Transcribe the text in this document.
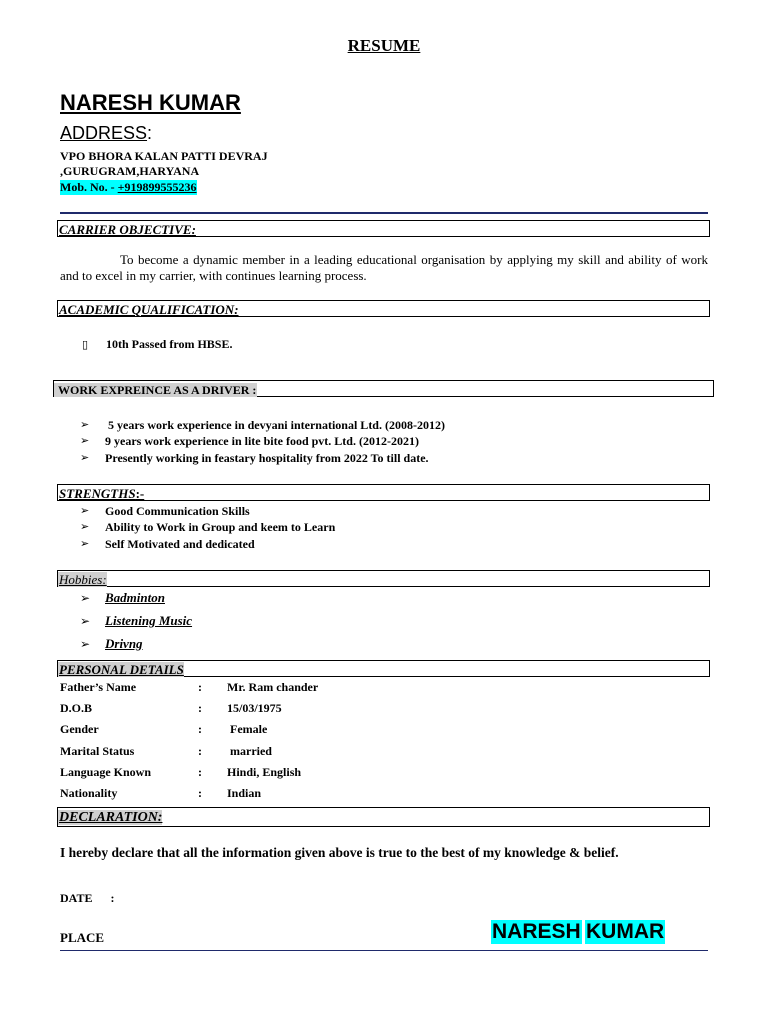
RESUME
NARESH KUMAR
ADDRESS:
VPO BHORA KALAN PATTI DEVRAJ
,GURUGRAM,HARYANA
Mob. No. - +919899555236
CARRIER OBJECTIVE:
To become a dynamic member in a leading educational organisation by applying my skill and ability of work and to excel in my carrier, with continues learning process.
ACADEMIC QUALIFICATION:
▯ 10th Passed from HBSE.
WORK EXPREINCE AS A DRIVER :
➢ 5 years work experience in devyani international Ltd. (2008-2012)
➢ 9 years work experience in lite bite food pvt. Ltd. (2012-2021)
➢ Presently working in feastary hospitality from 2022 To till date.
STRENGTHS:-
➢ Good Communication Skills
➢ Ability to Work in Group and keem to Learn
➢ Self Motivated and dedicated
Hobbies:
➢ Badminton
➢ Listening Music
➢ Drivng
PERSONAL DETAILS
Father’s Name	: Mr. Ram chander
D.O.B	: 15/03/1975
Gender	: Female
Marital Status	: married
Language Known	: Hindi, English
Nationality	: Indian
DECLARATION:
I hereby declare that all the information given above is true to the best of my knowledge & belief.
DATE :
PLACE	NARESH KUMAR
